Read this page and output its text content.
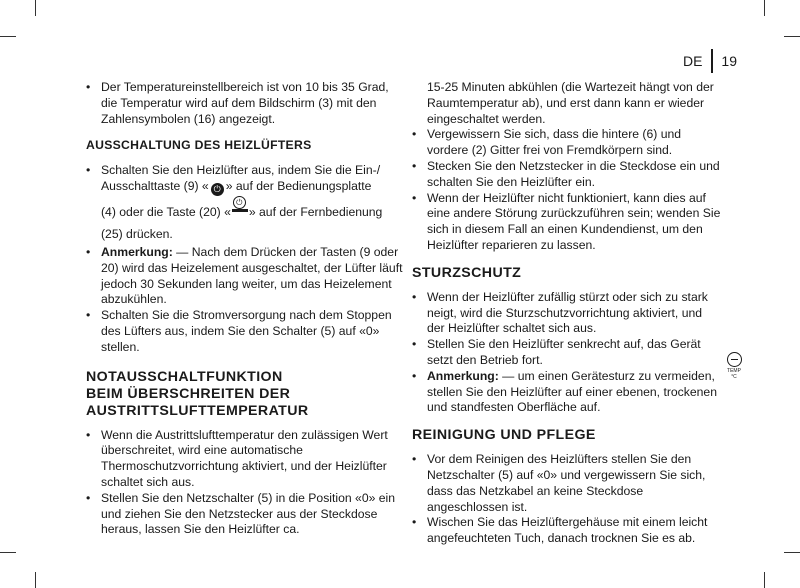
DE 19

• Der Temperatureinstellbereich ist von 10 bis 35 Grad, die Temperatur wird auf dem Bildschirm (3) mit den Zahlensymbolen (16) angezeigt.

AUSSCHALTUNG DES HEIZLÜFTERS

• Schalten Sie den Heizlüfter aus, indem Sie die Ein-/ Ausschalttaste (9) « ⏻ » auf der Bedienungsplatte
(4) oder die Taste (20) «
⏻
» auf der Fernbedienung
(25) drücken.

• Anmerkung: — Nach dem Drücken der Tasten (9 oder 20) wird das Heizelement ausgeschaltet, der Lüfter läuft jedoch 30 Sekunden lang weiter, um das Heizelement abzukühlen.

• Schalten Sie die Stromversorgung nach dem Stoppen des Lüfters aus, indem Sie den Schalter (5) auf «0» stellen.

NOTAUSSCHALTFUNKTION
BEIM ÜBERSCHREITEN DER
AUSTRITTSLUFTTEMPERATUR

• Wenn die Austrittslufttemperatur den zulässigen Wert überschreitet, wird eine automatische Thermoschutzvorrichtung aktiviert, und der Heizlüfter schaltet sich aus.

• Stellen Sie den Netzschalter (5) in die Position «0» ein und ziehen Sie den Netzstecker aus der Steckdose heraus, lassen Sie den Heizlüfter ca.

15-25 Minuten abkühlen (die Wartezeit hängt von der Raumtemperatur ab), und erst dann kann er wieder eingeschaltet werden.

• Vergewissern Sie sich, dass die hintere (6) und vordere (2) Gitter frei von Fremdkörpern sind.

• Stecken Sie den Netzstecker in die Steckdose ein und schalten Sie den Heizlüfter ein.

• Wenn der Heizlüfter nicht funktioniert, kann dies auf eine andere Störung zurückzuführen sein; wenden Sie sich in diesem Fall an einen Kundendienst, um den Heizlüfter reparieren zu lassen.

STURZSCHUTZ

• Wenn der Heizlüfter zufällig stürzt oder sich zu stark neigt, wird die Sturzschutzvorrichtung aktiviert, und der Heizlüfter schaltet sich aus.

• Stellen Sie den Heizlüfter senkrecht auf, das Gerät setzt den Betrieb fort.

• Anmerkung: — um einen Gerätesturz zu vermeiden, stellen Sie den Heizlüfter auf einer ebenen, trockenen und standfesten Oberfläche auf.

REINIGUNG UND PFLEGE

• Vor dem Reinigen des Heizlüfters stellen Sie den Netzschalter (5) auf «0» und vergewissern Sie sich, dass das Netzkabel an keine Steckdose angeschlossen ist.

• Wischen Sie das Heizlüftergehäuse mit einem leicht angefeuchteten Tuch, danach trocknen Sie es ab.

TEMP °C
